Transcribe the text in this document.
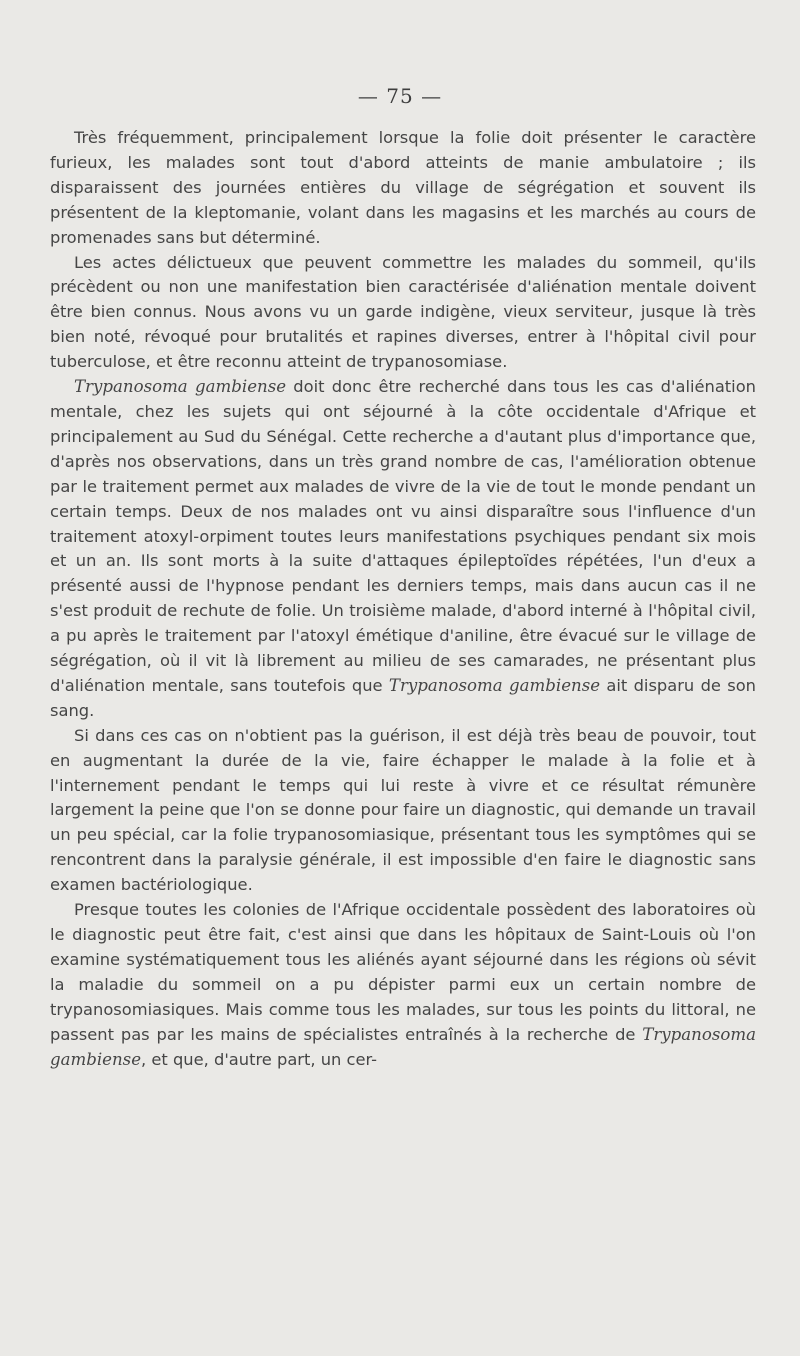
— 75 —

Très fréquemment, principalement lorsque la folie doit présenter le caractère furieux, les malades sont tout d'abord atteints de manie ambulatoire ; ils disparaissent des journées entières du village de ségrégation et souvent ils présentent de la kleptomanie, volant dans les magasins et les marchés au cours de promenades sans but déterminé.

Les actes délictueux que peuvent commettre les malades du sommeil, qu'ils précèdent ou non une manifestation bien caractérisée d'aliénation mentale doivent être bien connus. Nous avons vu un garde indigène, vieux serviteur, jusque là très bien noté, révoqué pour brutalités et rapines diverses, entrer à l'hôpital civil pour tuberculose, et être reconnu atteint de trypanosomiase.

Trypanosoma gambiense doit donc être recherché dans tous les cas d'aliénation mentale, chez les sujets qui ont séjourné à la côte occidentale d'Afrique et principalement au Sud du Sénégal. Cette recherche a d'autant plus d'importance que, d'après nos observations, dans un très grand nombre de cas, l'amélioration obtenue par le traitement permet aux malades de vivre de la vie de tout le monde pendant un certain temps. Deux de nos malades ont vu ainsi disparaître sous l'influence d'un traitement atoxyl-orpiment toutes leurs manifestations psychiques pendant six mois et un an. Ils sont morts à la suite d'attaques épileptoïdes répétées, l'un d'eux a présenté aussi de l'hypnose pendant les derniers temps, mais dans aucun cas il ne s'est produit de rechute de folie. Un troisième malade, d'abord interné à l'hôpital civil, a pu après le traitement par l'atoxyl émétique d'aniline, être évacué sur le village de ségrégation, où il vit là librement au milieu de ses camarades, ne présentant plus d'aliénation mentale, sans toutefois que Trypanosoma gambiense ait disparu de son sang.

Si dans ces cas on n'obtient pas la guérison, il est déjà très beau de pouvoir, tout en augmentant la durée de la vie, faire échapper le malade à la folie et à l'internement pendant le temps qui lui reste à vivre et ce résultat rémunère largement la peine que l'on se donne pour faire un diagnostic, qui demande un travail un peu spécial, car la folie trypanosomiasique, présentant tous les symptômes qui se rencontrent dans la paralysie générale, il est impossible d'en faire le diagnostic sans examen bactériologique.

Presque toutes les colonies de l'Afrique occidentale possèdent des laboratoires où le diagnostic peut être fait, c'est ainsi que dans les hôpitaux de Saint-Louis où l'on examine systématiquement tous les aliénés ayant séjourné dans les régions où sévit la maladie du sommeil on a pu dépister parmi eux un certain nombre de trypanosomiasiques. Mais comme tous les malades, sur tous les points du littoral, ne passent pas par les mains de spécialistes entraînés à la recherche de Trypanosoma gambiense, et que, d'autre part, un cer-
